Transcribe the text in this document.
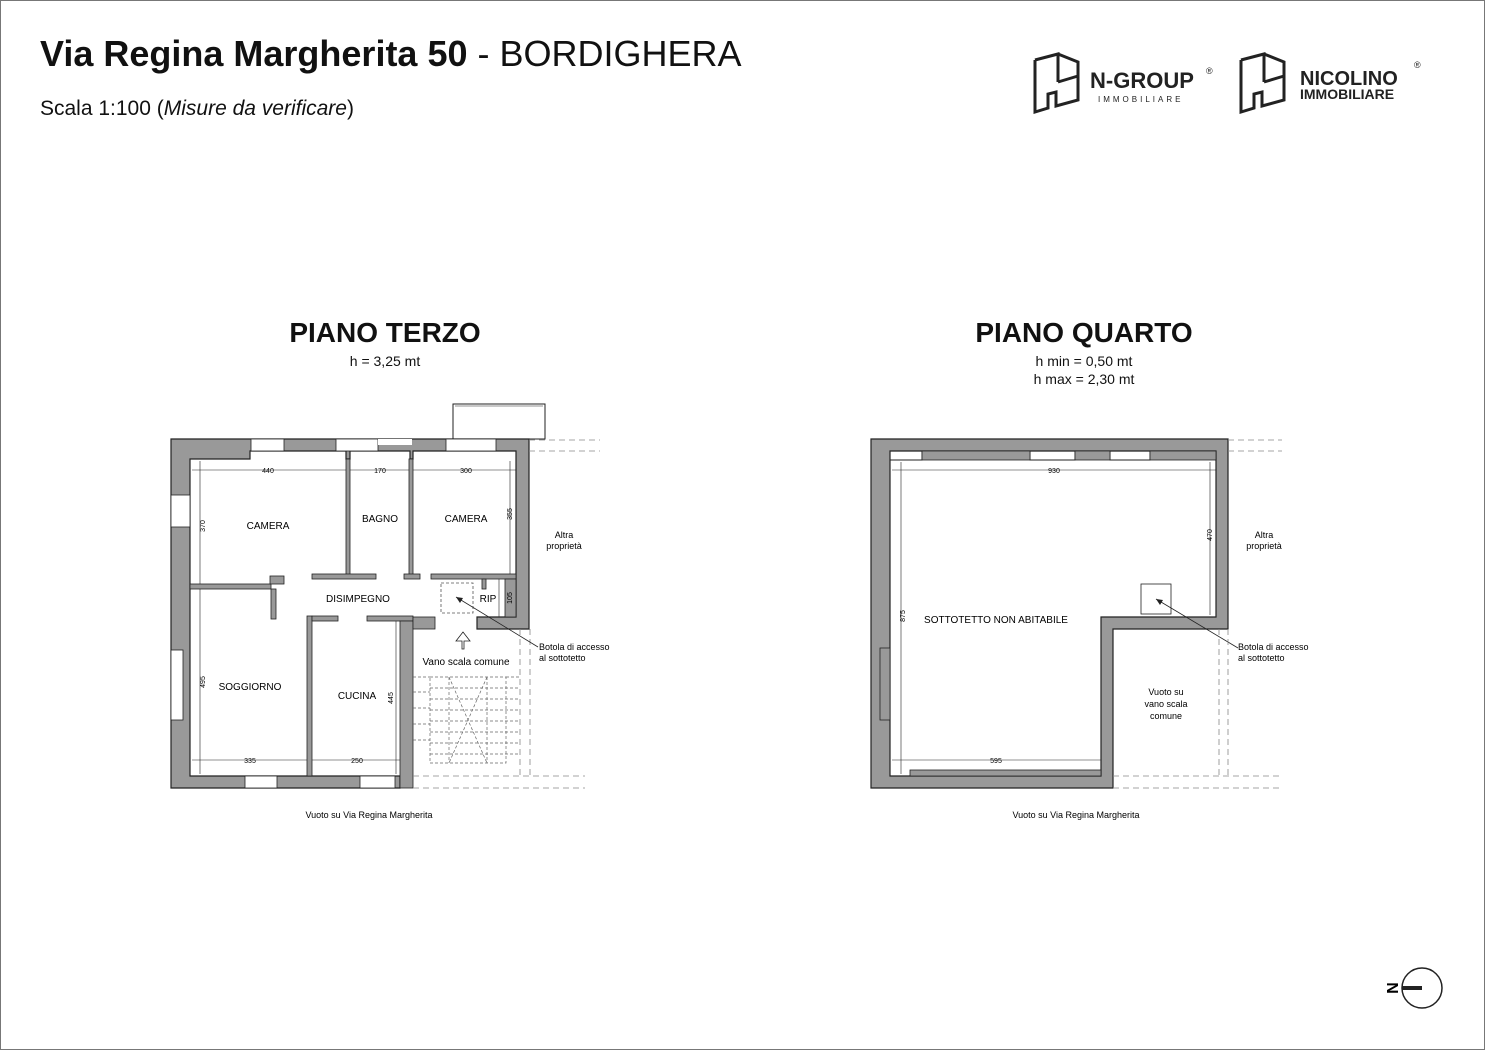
Via Regina Margherita 50 - BORDIGHERA
Scala 1:100 (Misure da verificare)
N-GROUP
IMMOBILIARE
®	NICOLINO
IMMOBILIARE
®
PIANO TERZO
h = 3,25 mt
PIANO QUARTO
h min = 0,50 mt
h max = 2,30 mt
CAMERA
BAGNO	CAMERA
DISIMPEGNO	RIP
SOGGIORNO
CUCINA
Vano scala comune
Altra
proprietà
Botola di accesso
al sottotetto
Vuoto su Via Regina Margherita
440	170	300
370
355
105
495
445
335	250
930
470
875
595
SOTTOTETTO NON ABITABILE
Altra
proprietà
Botola di accesso
al sottotetto
Vuoto su
vano scala
comune
Vuoto su Via Regina Margherita
N
